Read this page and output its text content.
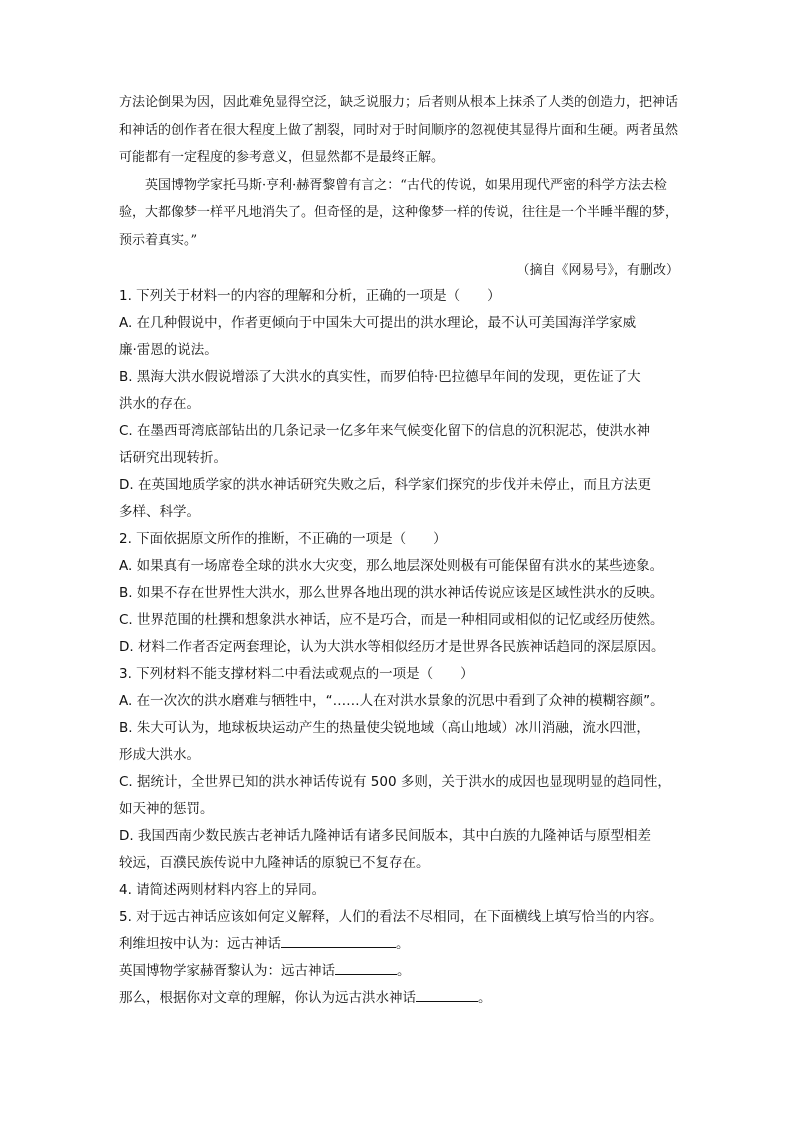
方法论倒果为因，因此难免显得空泛，缺乏说服力；后者则从根本上抹杀了人类的创造力，把神话和神话的创作者在很大程度上做了割裂，同时对于时间顺序的忽视使其显得片面和生硬。两者虽然可能都有一定程度的参考意义，但显然都不是最终正解。

英国博物学家托马斯·亨利·赫胥黎曾有言之：“古代的传说，如果用现代严密的科学方法去检验，大都像梦一样平凡地消失了。但奇怪的是，这种像梦一样的传说，往往是一个半睡半醒的梦，预示着真实。”

（摘自《网易号》，有删改）

1. 下列关于材料一的内容的理解和分析，正确的一项是（　　）

A. 在几种假说中，作者更倾向于中国朱大可提出的洪水理论，最不认可美国海洋学家威

廉·雷恩的说法。

B. 黑海大洪水假说增添了大洪水的真实性，而罗伯特·巴拉德早年间的发现，更佐证了大

洪水的存在。

C. 在墨西哥湾底部钻出的几条记录一亿多年来气候变化留下的信息的沉积泥芯，使洪水神

话研究出现转折。

D. 在英国地质学家的洪水神话研究失败之后，科学家们探究的步伐并未停止，而且方法更

多样、科学。

2. 下面依据原文所作的推断，不正确的一项是（　　）

A. 如果真有一场席卷全球的洪水大灾变，那么地层深处则极有可能保留有洪水的某些迹象。

B. 如果不存在世界性大洪水，那么世界各地出现的洪水神话传说应该是区域性洪水的反映。

C. 世界范围的杜撰和想象洪水神话，应不是巧合，而是一种相同或相似的记忆或经历使然。

D. 材料二作者否定两套理论，认为大洪水等相似经历才是世界各民族神话趋同的深层原因。

3. 下列材料不能支撑材料二中看法或观点的一项是（　　）

A. 在一次次的洪水磨难与牺牲中，“……人在对洪水景象的沉思中看到了众神的模糊容颜”。

B. 朱大可认为，地球板块运动产生的热量使尖锐地域（高山地域）冰川消融，流水四泄，

形成大洪水。

C. 据统计，全世界已知的洪水神话传说有 500 多则，关于洪水的成因也显现明显的趋同性，

如天神的惩罚。

D. 我国西南少数民族古老神话九隆神话有诸多民间版本，其中白族的九隆神话与原型相差

较远，百濮民族传说中九隆神话的原貌已不复存在。

4. 请简述两则材料内容上的异同。

5. 对于远古神话应该如何定义解释，人们的看法不尽相同，在下面横线上填写恰当的内容。

利维坦按中认为：远古神话	。

英国博物学家赫胥黎认为：远古神话	。

那么，根据你对文章的理解，你认为远古洪水神话	。
